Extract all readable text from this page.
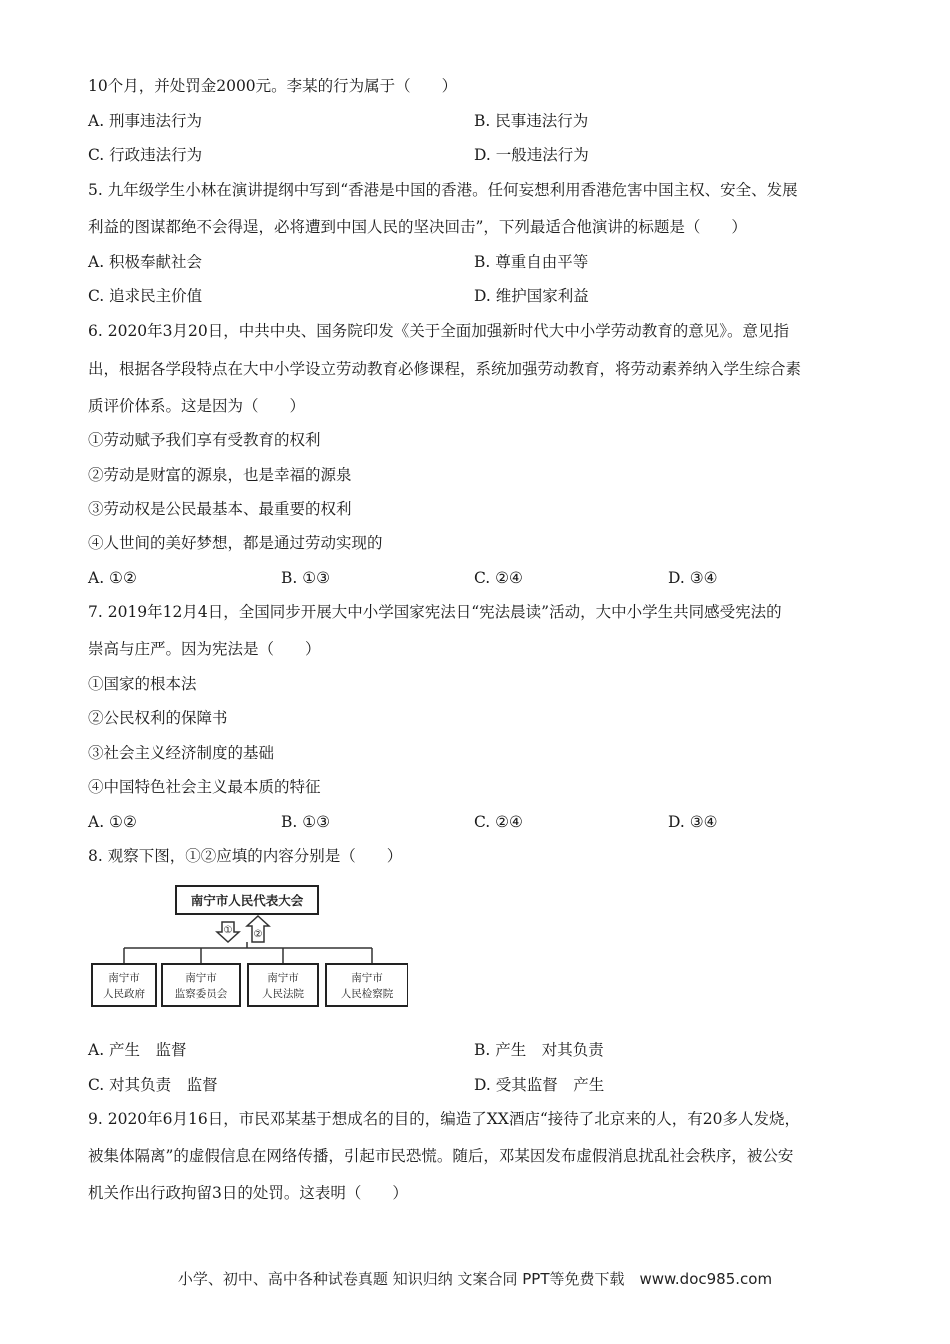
10个月，并处罚金2000元。李某的行为属于（　　）
A. 刑事违法行为	B. 民事违法行为
C. 行政违法行为	D. 一般违法行为
5. 九年级学生小林在演讲提纲中写到“香港是中国的香港。任何妄想利用香港危害中国主权、安全、发展
利益的图谋都绝不会得逞，必将遭到中国人民的坚决回击”，下列最适合他演讲的标题是（　　）
A. 积极奉献社会	B. 尊重自由平等
C. 追求民主价值	D. 维护国家利益
6. 2020年3月20日，中共中央、国务院印发《关于全面加强新时代大中小学劳动教育的意见》。意见指
出，根据各学段特点在大中小学设立劳动教育必修课程，系统加强劳动教育，将劳动素养纳入学生综合素
质评价体系。这是因为（　　）
①劳动赋予我们享有受教育的权利
②劳动是财富的源泉，也是幸福的源泉
③劳动权是公民最基本、最重要的权利
④人世间的美好梦想，都是通过劳动实现的
A. ①②	B. ①③	C. ②④	D. ③④
7. 2019年12月4日，全国同步开展大中小学国家宪法日“宪法晨读”活动，大中小学生共同感受宪法的
崇高与庄严。因为宪法是（　　）
①国家的根本法
②公民权利的保障书
③社会主义经济制度的基础
④中国特色社会主义最本质的特征
A. ①②	B. ①③	C. ②④	D. ③④
8. 观察下图，①②应填的内容分别是（　　）
南宁市人民代表大会
① ②
南宁市
人民政府
南宁市
监察委员会
南宁市
人民法院
南宁市
人民检察院
A. 产生　监督	B. 产生　对其负责
C. 对其负责　监督	D. 受其监督　产生
9. 2020年6月16日，市民邓某基于想成名的目的，编造了XX酒店“接待了北京来的人，有20多人发烧，
被集体隔离”的虚假信息在网络传播，引起市民恐慌。随后，邓某因发布虚假消息扰乱社会秩序，被公安
机关作出行政拘留3日的处罚。这表明（　　）
小学、初中、高中各种试卷真题 知识归纳 文案合同 PPT等免费下载　www.doc985.com
